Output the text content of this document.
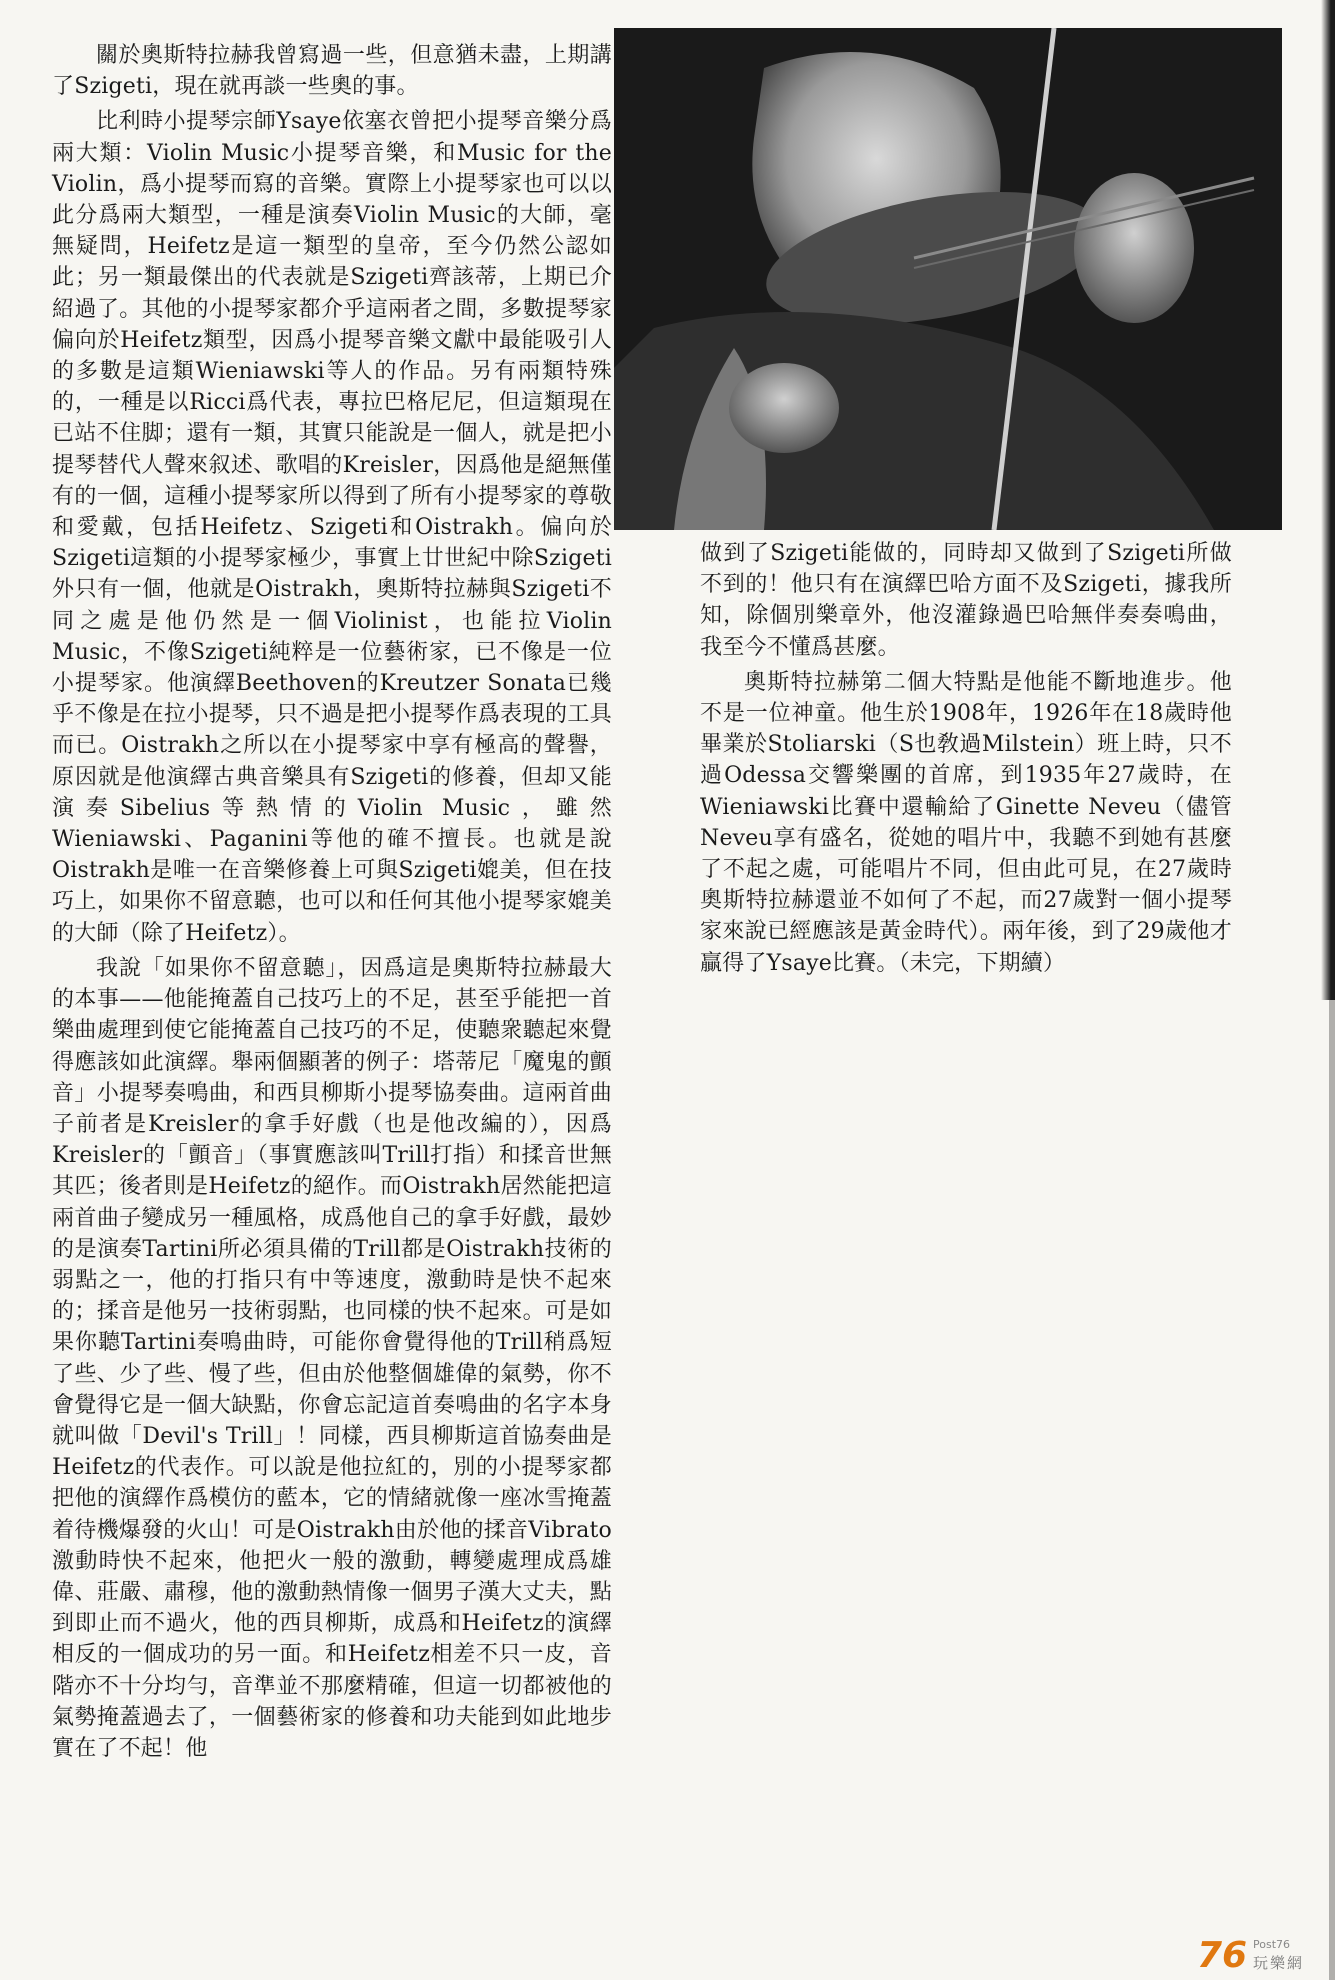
關於奧斯特拉赫我曾寫過一些，但意猶未盡，上期講了Szigeti，現在就再談一些奧的事。

比利時小提琴宗師Ysaye依塞衣曾把小提琴音樂分爲兩大類：Violin Music小提琴音樂，和Music for the Violin，爲小提琴而寫的音樂。實際上小提琴家也可以以此分爲兩大類型，一種是演奏Violin Music的大師，毫無疑問，Heifetz是這一類型的皇帝，至今仍然公認如此；另一類最傑出的代表就是Szigeti齊該蒂，上期已介紹過了。其他的小提琴家都介乎這兩者之間，多數提琴家偏向於Heifetz類型，因爲小提琴音樂文獻中最能吸引人的多數是這類Wieniawski等人的作品。另有兩類特殊的，一種是以Ricci爲代表，專拉巴格尼尼，但這類現在已站不住脚；還有一類，其實只能說是一個人，就是把小提琴替代人聲來叙述、歌唱的Kreisler，因爲他是絕無僅有的一個，這種小提琴家所以得到了所有小提琴家的尊敬和愛戴，包括Heifetz、Szigeti和Oistrakh。偏向於Szigeti這類的小提琴家極少，事實上廿世紀中除Szigeti外只有一個，他就是Oistrakh，奧斯特拉赫與Szigeti不同之處是他仍然是一個Violinist，也能拉Violin Music，不像Szigeti純粹是一位藝術家，已不像是一位小提琴家。他演繹Beethoven的Kreutzer Sonata已幾乎不像是在拉小提琴，只不過是把小提琴作爲表現的工具而已。Oistrakh之所以在小提琴家中享有極高的聲譽，原因就是他演繹古典音樂具有Szigeti的修養，但却又能演奏Sibelius等熱情的Violin Music，雖然Wieniawski、Paganini等他的確不擅長。也就是說Oistrakh是唯一在音樂修養上可與Szigeti媲美，但在技巧上，如果你不留意聽，也可以和任何其他小提琴家媲美的大師（除了Heifetz）。

我說「如果你不留意聽」，因爲這是奧斯特拉赫最大的本事——他能掩蓋自己技巧上的不足，甚至乎能把一首樂曲處理到使它能掩蓋自己技巧的不足，使聽衆聽起來覺得應該如此演繹。舉兩個顯著的例子：塔蒂尼「魔鬼的顫音」小提琴奏鳴曲，和西貝柳斯小提琴協奏曲。這兩首曲子前者是Kreisler的拿手好戲（也是他改編的），因爲Kreisler的「顫音」（事實應該叫Trill打指）和揉音世無其匹；後者則是Heifetz的絕作。而Oistrakh居然能把這兩首曲子變成另一種風格，成爲他自己的拿手好戲，最妙的是演奏Tartini所必須具備的Trill都是Oistrakh技術的弱點之一，他的打指只有中等速度，激動時是快不起來的；揉音是他另一技術弱點，也同樣的快不起來。可是如果你聽Tartini奏鳴曲時，可能你會覺得他的Trill稍爲短了些、少了些、慢了些，但由於他整個雄偉的氣勢，你不會覺得它是一個大缺點，你會忘記這首奏鳴曲的名字本身就叫做「Devil's Trill」！同樣，西貝柳斯這首協奏曲是Heifetz的代表作。可以說是他拉紅的，別的小提琴家都把他的演繹作爲模仿的藍本，它的情緒就像一座冰雪掩蓋着待機爆發的火山！可是Oistrakh由於他的揉音Vibrato激動時快不起來，他把火一般的激動，轉變處理成爲雄偉、莊嚴、肅穆，他的激動熱情像一個男子漢大丈夫，點到即止而不過火，他的西貝柳斯，成爲和Heifetz的演繹相反的一個成功的另一面。和Heifetz相差不只一皮，音階亦不十分均勻，音準並不那麼精確，但這一切都被他的氣勢掩蓋過去了，一個藝術家的修養和功夫能到如此地步實在了不起！他

做到了Szigeti能做的，同時却又做到了Szigeti所做不到的！他只有在演繹巴哈方面不及Szigeti，據我所知，除個別樂章外，他沒灌錄過巴哈無伴奏奏鳴曲，我至今不懂爲甚麼。

奧斯特拉赫第二個大特點是他能不斷地進步。他不是一位神童。他生於1908年，1926年在18歲時他畢業於Stoliarski（S也敎過Milstein）班上時，只不過Odessa交響樂團的首席，到1935年27歲時，在Wieniawski比賽中還輸給了Ginette Neveu（儘管Neveu享有盛名，從她的唱片中，我聽不到她有甚麼了不起之處，可能唱片不同，但由此可見，在27歲時奧斯特拉赫還並不如何了不起，而27歲對一個小提琴家來說已經應該是黃金時代）。兩年後，到了29歲他才贏得了Ysaye比賽。（未完，下期續）

76 Post76
玩樂網
